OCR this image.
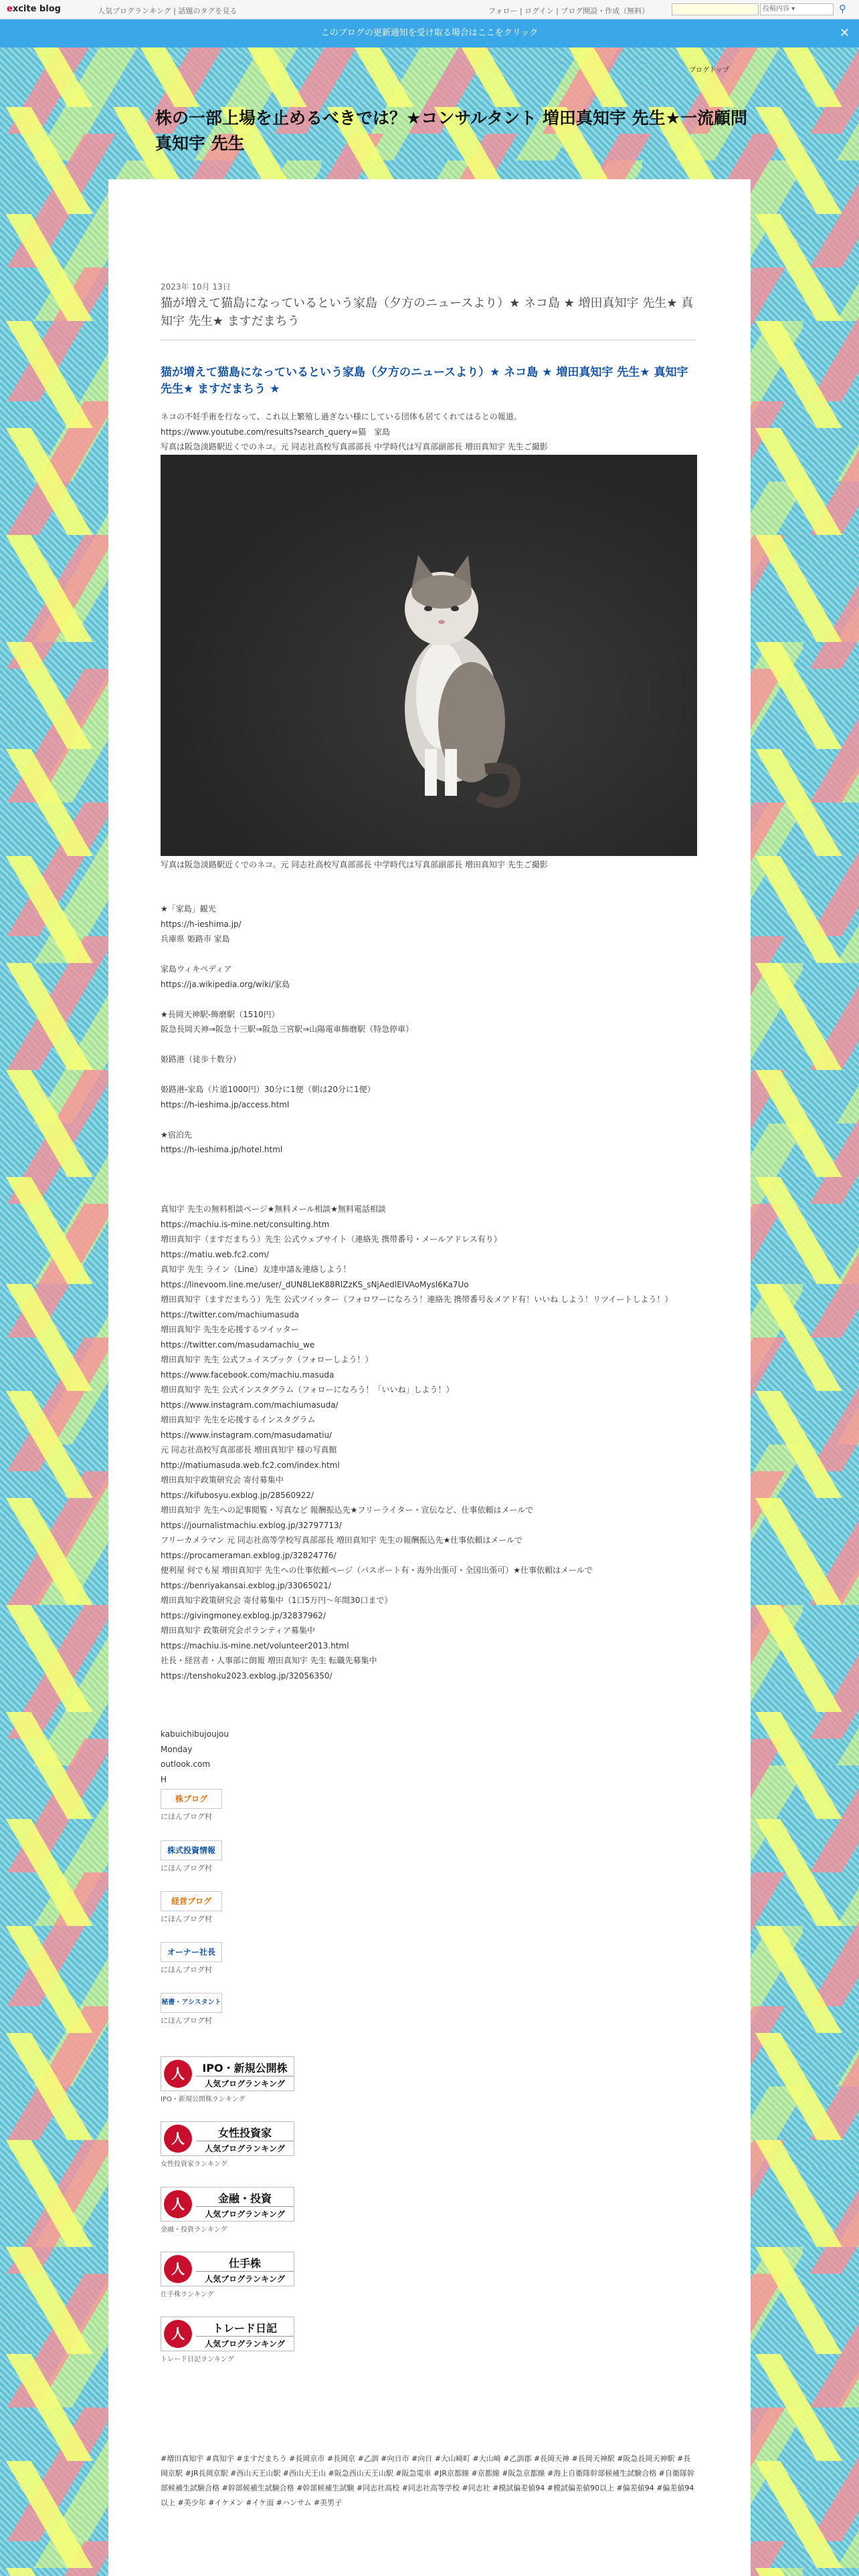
excite blog	人気ブログランキング | 話題のタグを見る	フォロー | ログイン | ブログ開設・作成（無料）	投稿内容 ▾	⚲
このブログの更新通知を受け取る場合はここをクリック	✕
ブログトップ
株の一部上場を止めるべきでは？★コンサルタント 増田真知宇 先生★一流顧問 真知宇 先生
2023年 10月 13日
猫が増えて猫島になっているという家島（夕方のニュースより）★ ネコ島 ★ 増田真知宇 先生★ 真知宇 先生★ ますだまちう
猫が増えて猫島になっているという家島（夕方のニュースより）★ ネコ島 ★ 増田真知宇 先生★ 真知宇 先生★ ますだまちう ★
ネコの不妊手術を行なって、これ以上繁殖し過ぎない様にしている団体も居てくれてはるとの報道。
https://www.youtube.com/results?search_query=猫　家島
写真は阪急淡路駅近くでのネコ。元 同志社高校写真部部長 中学時代は写真部副部長 増田真知宇 先生ご撮影
写真は阪急淡路駅近くでのネコ。元 同志社高校写真部部長 中学時代は写真部副部長 増田真知宇 先生ご撮影
★「家島」観光
https://h-ieshima.jp/
兵庫県 姫路市 家島
家島ウィキペディア
https://ja.wikipedia.org/wiki/家島
★長岡天神駅-飾磨駅（1510円）
阪急長岡天神⇒阪急十三駅⇒阪急三宮駅⇒山陽電車飾磨駅（特急停車）
姫路港（徒歩十数分）
姫路港-家島（片道1000円）30分に1便（朝は20分に1便）
https://h-ieshima.jp/access.html
★宿泊先
https://h-ieshima.jp/hotel.html
真知宇 先生の無料相談ページ★無料メール相談★無料電話相談
https://machiu.is-mine.net/consulting.htm
増田真知宇（ますだまちう）先生 公式ウェブサイト（連絡先 携帯番号・メールアドレス有り）
https://matiu.web.fc2.com/
真知宇 先生 ライン（Line）友達申請＆連絡しよう！
https://linevoom.line.me/user/_dUN8LIeK88RlZzKS_sNjAedlEIVAoMysI6Ka7Uo
増田真知宇（ますだまちう）先生 公式ツイッター（フォロワーになろう！連絡先 携帯番号＆メアド有！いいね しよう！リツイートしよう！）
https://twitter.com/machiumasuda
増田真知宇 先生を応援するツイッター
https://twitter.com/masudamachiu_we
増田真知宇 先生 公式フェイスブック（フォローしよう！）
https://www.facebook.com/machiu.masuda
増田真知宇 先生 公式インスタグラム（フォローになろう！「いいね」しよう！）
https://www.instagram.com/machiumasuda/
増田真知宇 先生を応援するインスタグラム
https://www.instagram.com/masudamatiu/
元 同志社高校写真部部長 増田真知宇 様の写真館
http://matiumasuda.web.fc2.com/index.html
増田真知宇政策研究会 寄付募集中
https://kifubosyu.exblog.jp/28560922/
増田真知宇 先生への記事閲覧・写真など 報酬振込先★フリーライター・宣伝など、仕事依頼はメールで
https://journalistmachiu.exblog.jp/32797713/
フリーカメラマン 元 同志社高等学校写真部部長 増田真知宇 先生の報酬振込先★仕事依頼はメールで
https://procameraman.exblog.jp/32824776/
便利屋 何でも屋 増田真知宇 先生への仕事依頼ページ（パスポート有・海外出張可・全国出張可）★仕事依頼はメールで
https://benriyakansai.exblog.jp/33065021/
増田真知宇政策研究会 寄付募集中（1口5万円〜年間30口まで）
https://givingmoney.exblog.jp/32837962/
増田真知宇 政策研究会ボランティア募集中
https://machiu.is-mine.net/volunteer2013.html
社長・経営者・人事部に朗報 増田真知宇 先生 転職先募集中
https://tenshoku2023.exblog.jp/32056350/
kabuichibujoujou
Monday
outlook.com
H
株ブログ
にほんブログ村
株式投資情報
にほんブログ村
経営ブログ
にほんブログ村
オーナー社長
にほんブログ村
秘書・アシスタント
にほんブログ村
人	IPO・新規公開株
人気ブログランキング
IPO・新規公開株ランキング
人	女性投資家
人気ブログランキング
女性投資家ランキング
人	金融・投資
人気ブログランキング
金融・投資ランキング
人	仕手株
人気ブログランキング
仕手株ランキング
人	トレード日記
人気ブログランキング
トレード日記ランキング
#増田真知宇 #真知宇 #ますだまちう #長岡京市 #長岡京 #乙訓 #向日市 #向日 #大山崎町 #大山崎 #乙訓郡 #長岡天神 #長岡天神駅 #阪急長岡天神駅 #長岡京駅 #JR長岡京駅 #西山天王山駅 #西山天王山 #阪急西山天王山駅 #阪急電車 #JR京都線 #京都線 #阪急京都線 #海上自衛隊幹部候補生試験合格 #自衛隊幹部候補生試験合格 #幹部候補生試験合格 #幹部候補生試験 #同志社高校 #同志社高等学校 #同志社 #模試偏差値94 #模試偏差値90以上 #偏差値94 #偏差値94以上 #美少年 #イケメン #イケ面 #ハンサム #美男子
